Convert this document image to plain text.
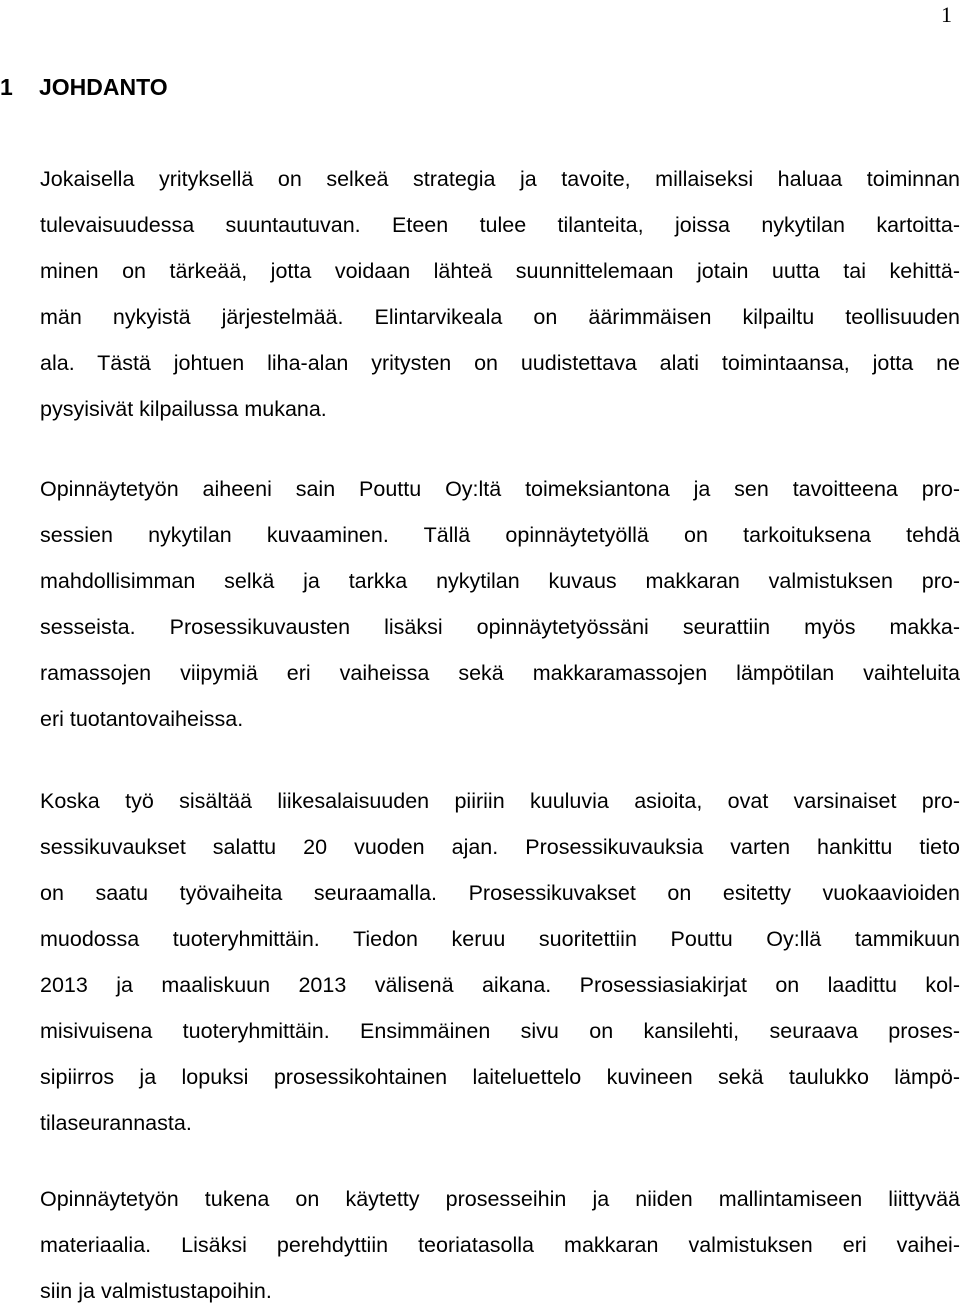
1
1	JOHDANTO
Jokaisella yrityksellä on selkeä strategia ja tavoite, millaiseksi haluaa toiminnan
tulevaisuudessa suuntautuvan. Eteen tulee tilanteita, joissa nykytilan kartoitta-
minen on tärkeää, jotta voidaan lähteä suunnittelemaan jotain uutta tai kehittä-
män nykyistä järjestelmää. Elintarvikeala on äärimmäisen kilpailtu teollisuuden
ala. Tästä johtuen liha-alan yritysten on uudistettava alati toimintaansa, jotta ne
pysyisivät kilpailussa mukana.
Opinnäytetyön aiheeni sain Pouttu Oy:ltä toimeksiantona ja sen tavoitteena pro-
sessien nykytilan kuvaaminen. Tällä opinnäytetyöllä on tarkoituksena tehdä
mahdollisimman selkä ja tarkka nykytilan kuvaus makkaran valmistuksen pro-
sesseista. Prosessikuvausten lisäksi opinnäytetyössäni seurattiin myös makka-
ramassojen viipymiä eri vaiheissa sekä makkaramassojen lämpötilan vaihteluita
eri tuotantovaiheissa.
Koska työ sisältää liikesalaisuuden piiriin kuuluvia asioita, ovat varsinaiset pro-
sessikuvaukset salattu 20 vuoden ajan. Prosessikuvauksia varten hankittu tieto
on saatu työvaiheita seuraamalla. Prosessikuvakset on esitetty vuokaavioiden
muodossa tuoteryhmittäin. Tiedon keruu suoritettiin Pouttu Oy:llä tammikuun
2013 ja maaliskuun 2013 välisenä aikana. Prosessiasiakirjat on laadittu kol-
misivuisena tuoteryhmittäin. Ensimmäinen sivu on kansilehti, seuraava proses-
sipiirros ja lopuksi prosessikohtainen laiteluettelo kuvineen sekä taulukko lämpö-
tilaseurannasta.
Opinnäytetyön tukena on käytetty prosesseihin ja niiden mallintamiseen liittyvää
materiaalia. Lisäksi perehdyttiin teoriatasolla makkaran valmistuksen eri vaihei-
siin ja valmistustapoihin.
